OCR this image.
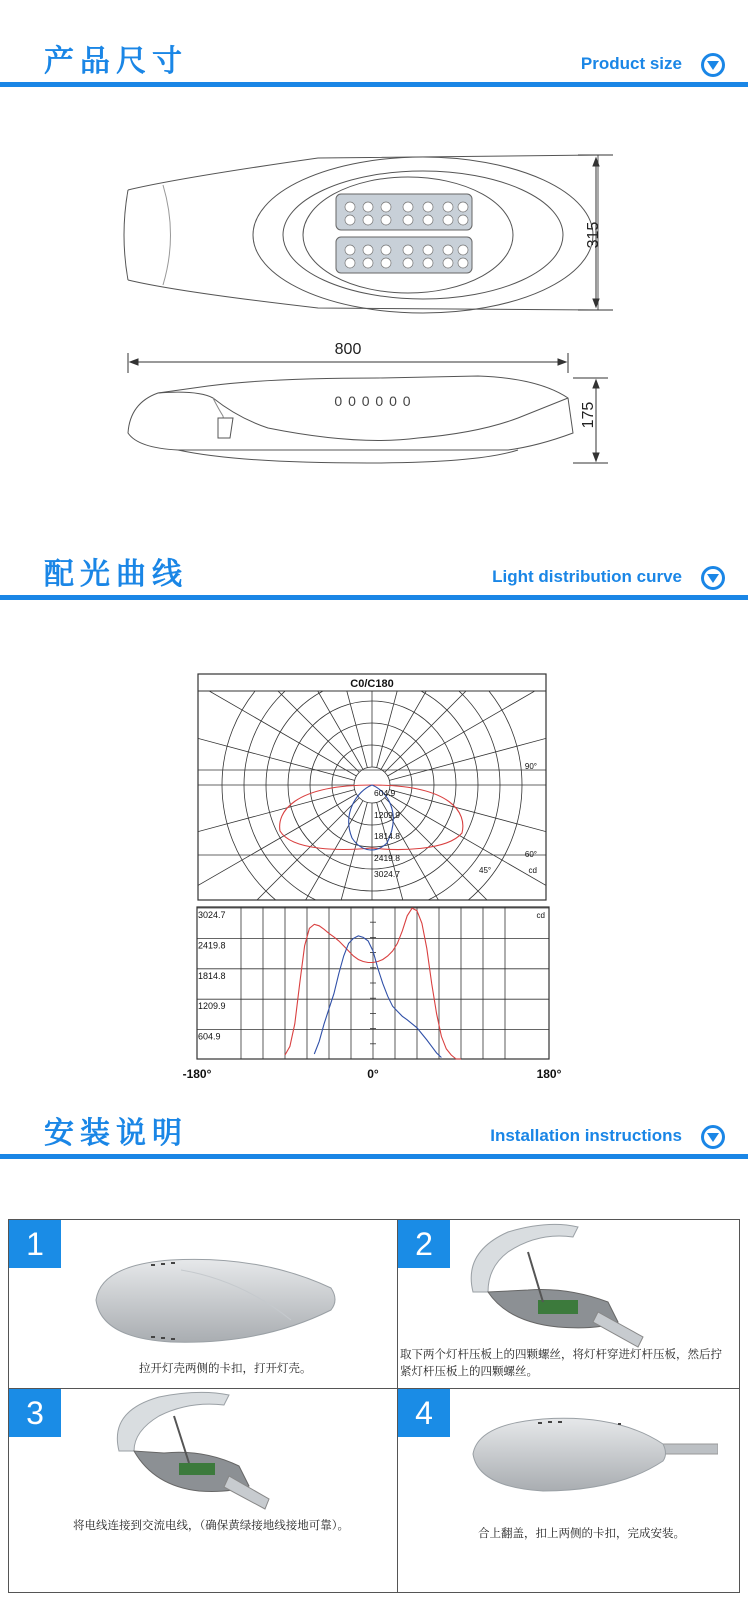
产品尺寸	Product size
315
800
0 0 0 0 0 0
175
配光曲线	Light distribution curve
C0/C180
604.9
1209.9
1814.8
2419.8
3024.7
90°
60°
45°	cd
3024.7
2419.8
1814.8
1209.9
604.9
-180°	0°	180°
cd
安装说明	Installation instructions
1
拉开灯壳两侧的卡扣，打开灯壳。
2
取下两个灯杆压板上的四颗螺丝，将灯杆穿进灯杆压板，然后拧紧灯杆压板上的四颗螺丝。
3
将电线连接到交流电线，（确保黄绿接地线接地可靠）。
4
合上翻盖，扣上两侧的卡扣，完成安装。
